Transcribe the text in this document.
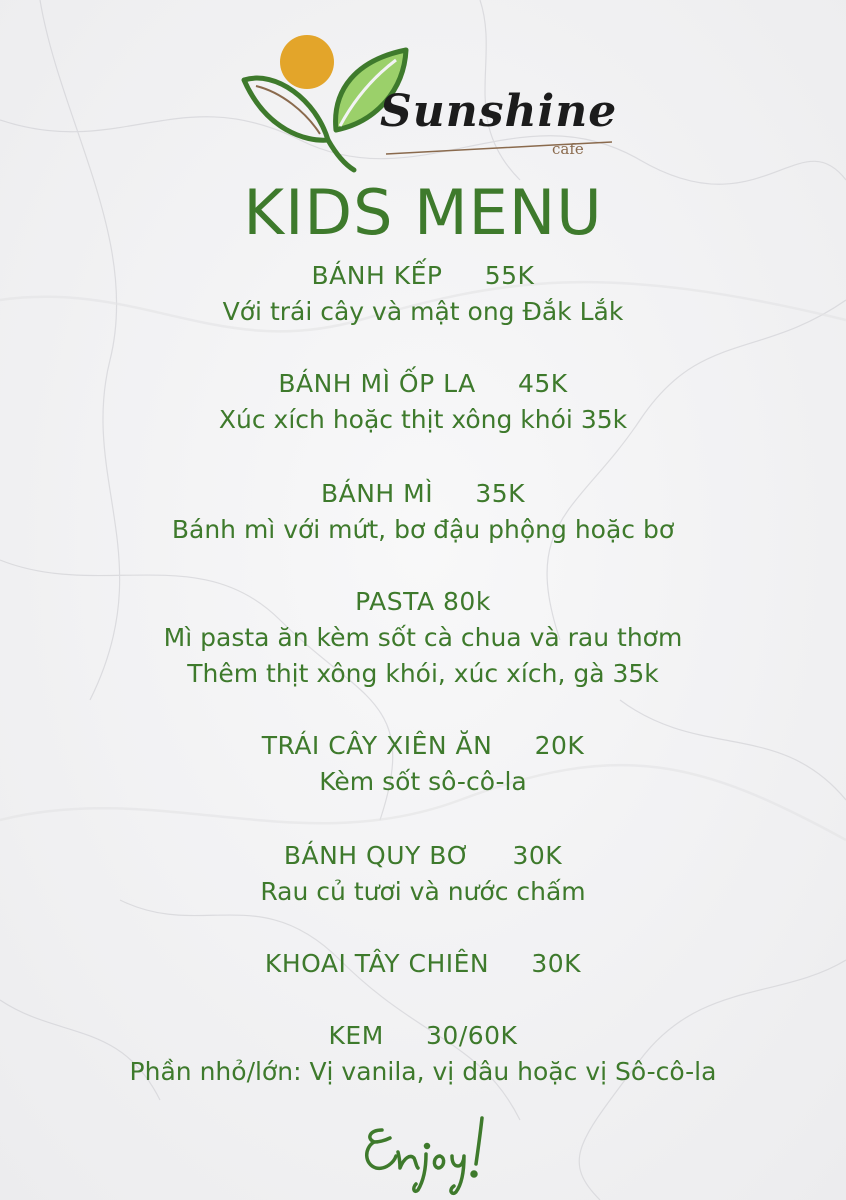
Sunshine
cafe
KIDS MENU
BÁNH KẾP 55K
Với trái cây và mật ong Đắk Lắk
BÁNH MÌ ỐP LA 45K
Xúc xích hoặc thịt xông khói 35k
BÁNH MÌ 35K
Bánh mì với mứt, bơ đậu phộng hoặc bơ
PASTA 80k
Mì pasta ăn kèm sốt cà chua và rau thơm
Thêm thịt xông khói, xúc xích, gà 35k
TRÁI CÂY XIÊN ĂN 20K
Kèm sốt sô-cô-la
BÁNH QUY BƠ 30K
Rau củ tươi và nước chấm
KHOAI TÂY CHIÊN 30K
KEM 30/60K
Phần nhỏ/lớn: Vị vanila, vị dâu hoặc vị Sô-cô-la
